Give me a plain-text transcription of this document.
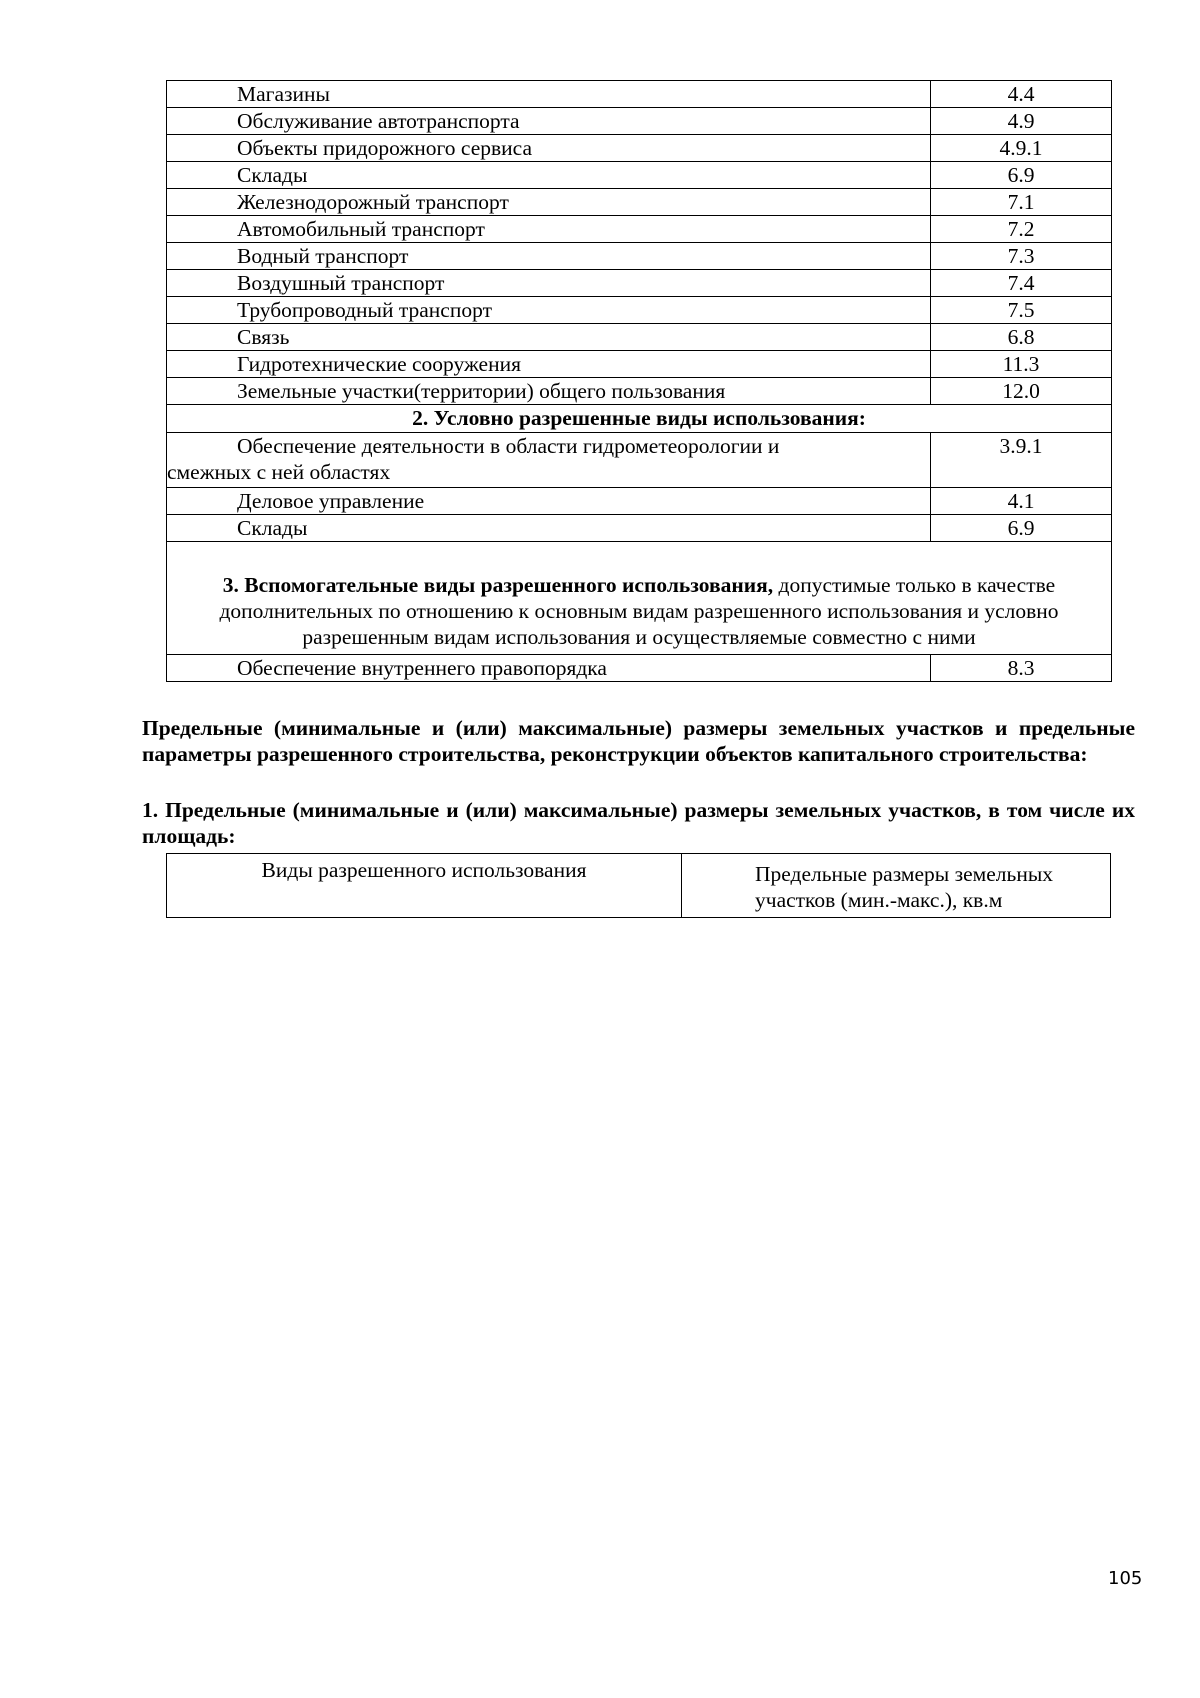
Магазины	4.4
Обслуживание автотранспорта	4.9
Объекты придорожного сервиса	4.9.1
Склады	6.9
Железнодорожный транспорт	7.1
Автомобильный транспорт	7.2
Водный транспорт	7.3
Воздушный транспорт	7.4
Трубопроводный транспорт	7.5
Связь	6.8
Гидротехнические сооружения	11.3
Земельные участки(территории) общего пользования	12.0
2. Условно разрешенные виды использования:	

Обеспечение деятельности в области гидрометеорологии и
смежных с ней областях	3.9.1
Деловое управление	4.1
Склады	6.9
3. Вспомогательные виды разрешенного использования, допустимые только в качестве дополнительных по отношению к основным видам разрешенного использования и условно разрешенным видам использования и осуществляемые совместно с ними	
Обеспечение внутреннего правопорядка	8.3
Предельные (минимальные и (или) максимальные) размеры земельных участков и предельные параметры разрешенного строительства, реконструкции объектов капитального строительства:
1. Предельные (минимальные и (или) максимальные) размеры земельных участков, в том числе их площадь:
Виды разрешенного использования	Предельные размеры земельных участков (мин.-макс.), кв.м
105
